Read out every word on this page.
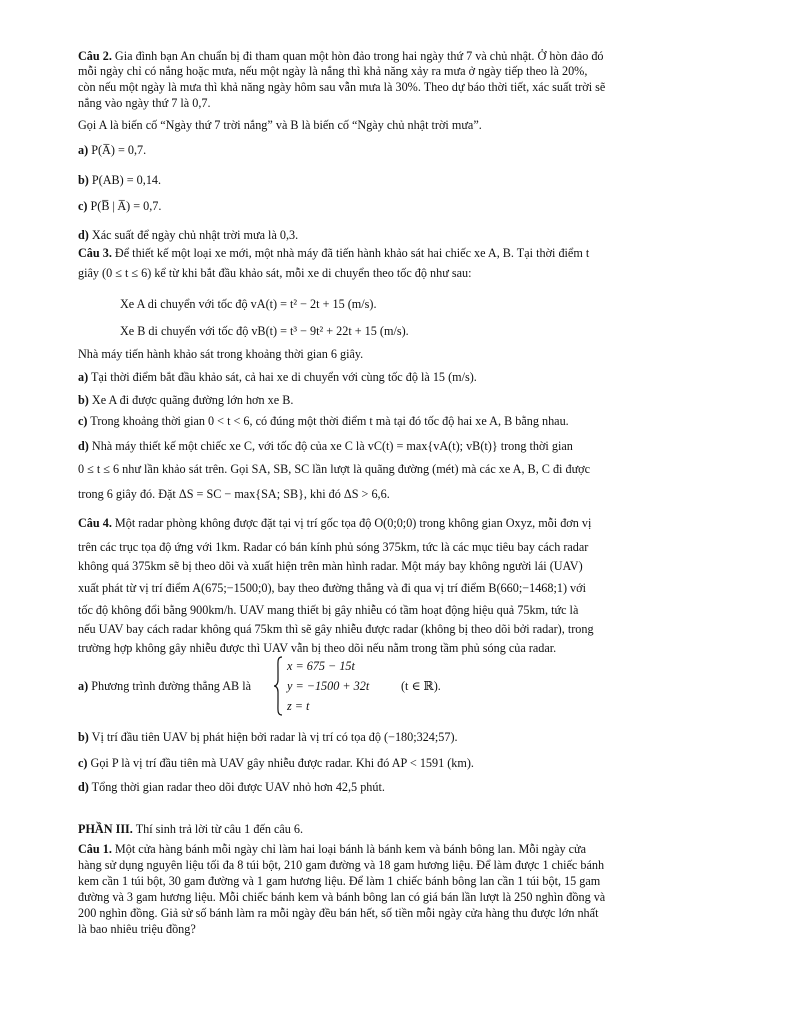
Câu 2. Gia đình bạn An chuẩn bị đi tham quan một hòn đảo trong hai ngày thứ 7 và chủ nhật. Ở hòn đảo đó
mỗi ngày chỉ có nắng hoặc mưa, nếu một ngày là nắng thì khả năng xảy ra mưa ở ngày tiếp theo là 20%,
còn nếu một ngày là mưa thì khả năng ngày hôm sau vẫn mưa là 30%. Theo dự báo thời tiết, xác suất trời sẽ
nắng vào ngày thứ 7 là 0,7.
Gọi A là biến cố “Ngày thứ 7 trời nắng” và B là biến cố “Ngày chủ nhật trời mưa”.
a) P(A̅) = 0,7.
b) P(AB) = 0,14.
c) P(B̅ | A̅) = 0,7.
d) Xác suất để ngày chủ nhật trời mưa là 0,3.
Câu 3. Để thiết kế một loại xe mới, một nhà máy đã tiến hành khảo sát hai chiếc xe A, B. Tại thời điểm t
giây (0 ≤ t ≤ 6) kể từ khi bắt đầu khảo sát, mỗi xe di chuyển theo tốc độ như sau:
Xe A di chuyển với tốc độ vA(t) = t² − 2t + 15 (m/s).
Xe B di chuyển với tốc độ vB(t) = t³ − 9t² + 22t + 15 (m/s).
Nhà máy tiến hành khảo sát trong khoảng thời gian 6 giây.
a) Tại thời điểm bắt đầu khảo sát, cả hai xe di chuyển với cùng tốc độ là 15 (m/s).
b) Xe A đi được quãng đường lớn hơn xe B.
c) Trong khoảng thời gian 0 < t < 6, có đúng một thời điểm t mà tại đó tốc độ hai xe A, B bằng nhau.
d) Nhà máy thiết kế một chiếc xe C, với tốc độ của xe C là vC(t) = max{vA(t); vB(t)} trong thời gian
0 ≤ t ≤ 6 như lần khảo sát trên. Gọi SA, SB, SC lần lượt là quãng đường (mét) mà các xe A, B, C đi được
trong 6 giây đó. Đặt ΔS = SC − max{SA; SB}, khi đó ΔS > 6,6.
Câu 4. Một radar phòng không được đặt tại vị trí gốc tọa độ O(0;0;0) trong không gian Oxyz, mỗi đơn vị
trên các trục tọa độ ứng với 1km. Radar có bán kính phủ sóng 375km, tức là các mục tiêu bay cách radar
không quá 375km sẽ bị theo dõi và xuất hiện trên màn hình radar. Một máy bay không người lái (UAV)
xuất phát từ vị trí điểm A(675;−1500;0), bay theo đường thẳng và đi qua vị trí điểm B(660;−1468;1) với
tốc độ không đổi bằng 900km/h. UAV mang thiết bị gây nhiễu có tầm hoạt động hiệu quả 75km, tức là
nếu UAV bay cách radar không quá 75km thì sẽ gây nhiễu được radar (không bị theo dõi bởi radar), trong
trường hợp không gây nhiễu được thì UAV vẫn bị theo dõi nếu nằm trong tầm phủ sóng của radar.
a) Phương trình đường thẳng AB là
x = 675 − 15t
y = −1500 + 32t
z = t
(t ∈ ℝ).
b) Vị trí đầu tiên UAV bị phát hiện bởi radar là vị trí có tọa độ (−180;324;57).
c) Gọi P là vị trí đầu tiên mà UAV gây nhiễu được radar. Khi đó AP < 1591 (km).
d) Tổng thời gian radar theo dõi được UAV nhỏ hơn 42,5 phút.
PHẦN III. Thí sinh trả lời từ câu 1 đến câu 6.
Câu 1. Một cửa hàng bánh mỗi ngày chỉ làm hai loại bánh là bánh kem và bánh bông lan. Mỗi ngày cửa
hàng sử dụng nguyên liệu tối đa 8 túi bột, 210 gam đường và 18 gam hương liệu. Để làm được 1 chiếc bánh
kem cần 1 túi bột, 30 gam đường và 1 gam hương liệu. Để làm 1 chiếc bánh bông lan cần 1 túi bột, 15 gam
đường và 3 gam hương liệu. Mỗi chiếc bánh kem và bánh bông lan có giá bán lần lượt là 250 nghìn đồng và
200 nghìn đồng. Giả sử số bánh làm ra mỗi ngày đều bán hết, số tiền mỗi ngày cửa hàng thu được lớn nhất
là bao nhiêu triệu đồng?
